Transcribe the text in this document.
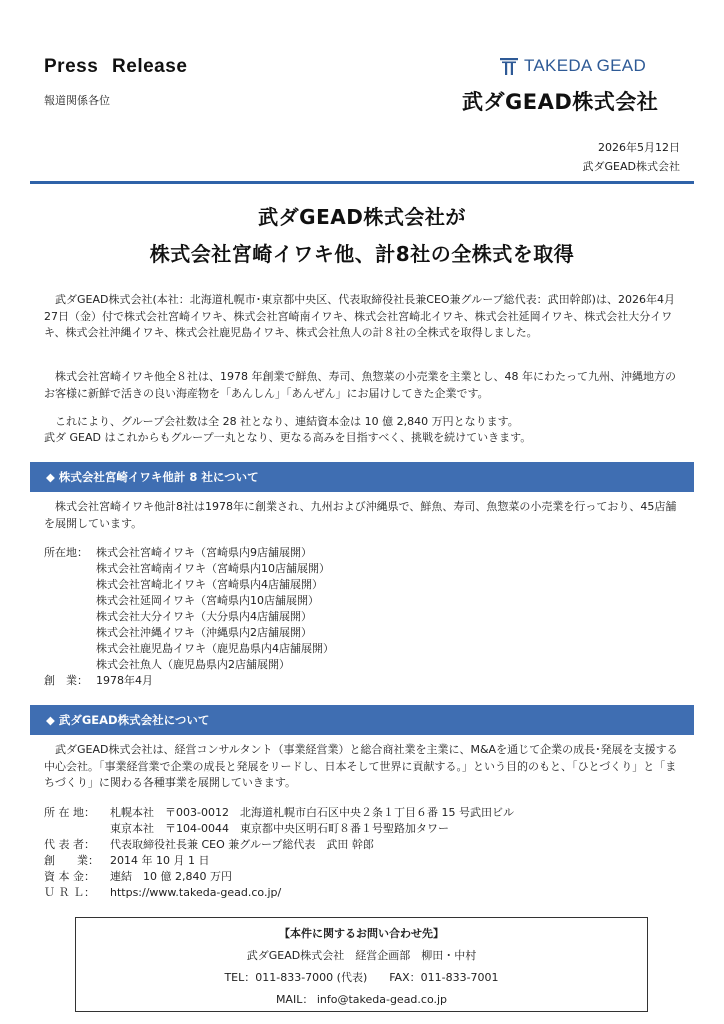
Press Release
報道関係各位
TAKEDA GEAD
武ダGEAD株式会社
2026年5月12日
武ダGEAD株式会社
武ダGEAD株式会社が
株式会社宮崎イワキ他、計8社の全株式を取得

武ダGEAD株式会社(本社：北海道札幌市･東京都中央区、代表取締役社長兼CEO兼グループ総代表：武田幹郎)は、2026年4月27日（金）付で株式会社宮崎イワキ、株式会社宮崎南イワキ、株式会社宮崎北イワキ、株式会社延岡イワキ、株式会社大分イワキ、株式会社沖縄イワキ、株式会社鹿児島イワキ、株式会社魚人の計８社の全株式を取得しました。

株式会社宮崎イワキ他全８社は、1978 年創業で鮮魚、寿司、魚惣菜の小売業を主業とし、48 年にわたって九州、沖縄地方のお客様に新鮮で活きの良い海産物を「あんしん」「あんぜん」にお届けしてきた企業です。

これにより、グループ会社数は全 28 社となり、連結資本金は 10 億 2,840 万円となります。

武ダ GEAD はこれからもグループ一丸となり、更なる高みを目指すべく、挑戦を続けていきます。

◆ 株式会社宮崎イワキ他計 8 社について

株式会社宮崎イワキ他計8社は1978年に創業され、九州および沖縄県で、鮮魚、寿司、魚惣菜の小売業を行っており、45店舗を展開しています。

所在地： 株式会社宮崎イワキ（宮崎県内9店舗展開）
株式会社宮崎南イワキ（宮崎県内10店舗展開）
株式会社宮崎北イワキ（宮崎県内4店舗展開）
株式会社延岡イワキ（宮崎県内10店舗展開）
株式会社大分イワキ（大分県内4店舗展開）
株式会社沖縄イワキ（沖縄県内2店舗展開）
株式会社鹿児島イワキ（鹿児島県内4店舗展開）
株式会社魚人（鹿児島県内2店舗展開）
創　業： 1978年4月
◆ 武ダGEAD株式会社について

武ダGEAD株式会社は、経営コンサルタント（事業経営業）と総合商社業を主業に、M&Aを通じて企業の成長･発展を支援する中心会社。「事業経営業で企業の成長と発展をリードし、日本そして世界に貢献する。」という目的のもと、「ひとづくり」と「まちづくり」に関わる各種事業を展開していきます。

所 在 地： 札幌本社　〒003-0012　北海道札幌市白石区中央２条１丁目６番 15 号武田ビル
東京本社　〒104-0044　東京都中央区明石町８番１号聖路加タワー
代 表 者： 代表取締役社長兼 CEO 兼グループ総代表　武田 幹郎
創　　業： 2014 年 10 月 1 日
資 本 金： 連結　10 億 2,840 万円
Ｕ Ｒ Ｌ： https://www.takeda-gead.co.jp/
【本件に関するお問い合わせ先】
武ダGEAD株式会社　経営企画部　柳田・中村
TEL：011-833-7000 (代表)　　FAX：011-833-7001
MAIL： info@takeda-gead.co.jp
